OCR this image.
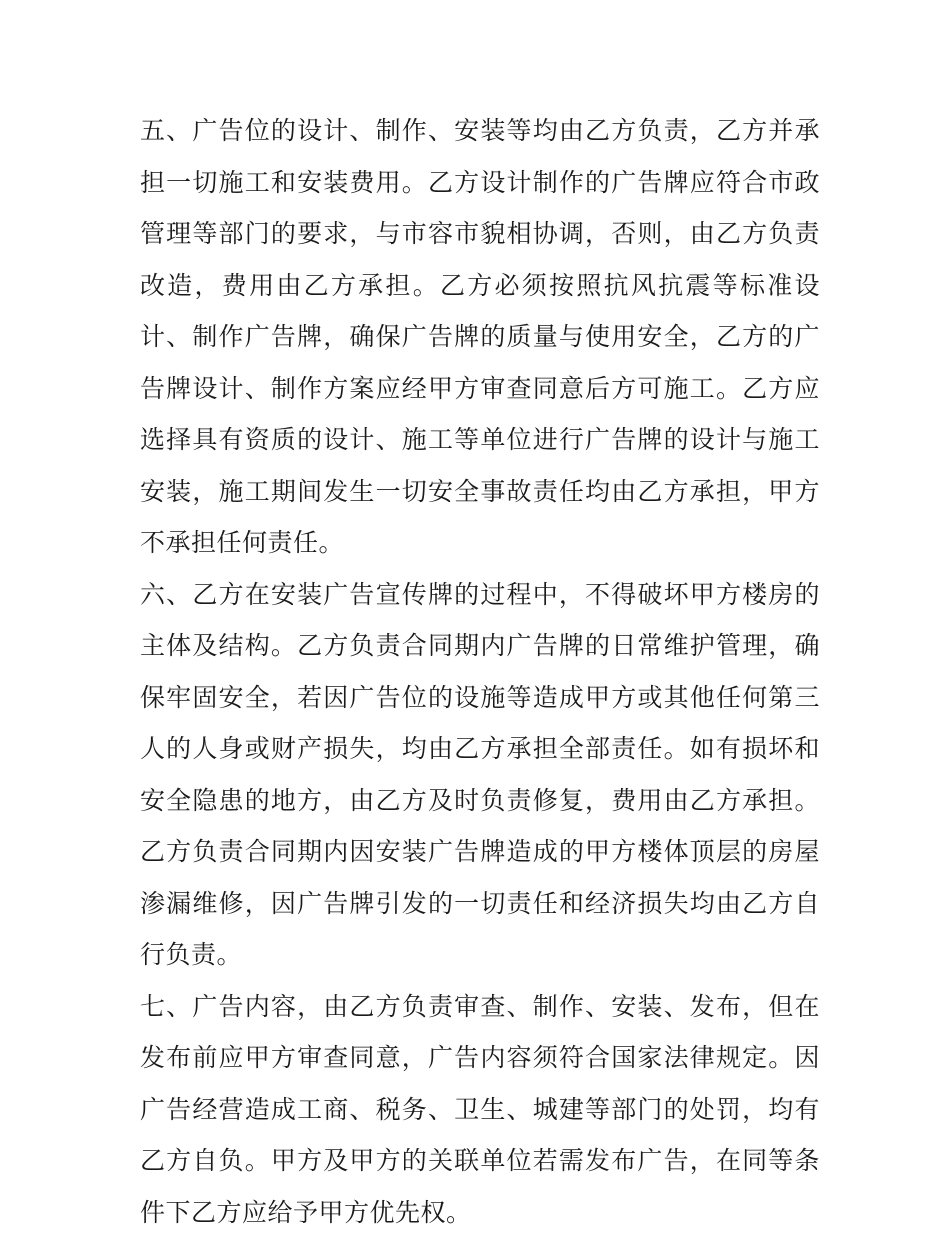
五、广告位的设计、制作、安装等均由乙方负责，乙方并承担一切施工和安装费用。乙方设计制作的广告牌应符合市政管理等部门的要求，与市容市貌相协调，否则，由乙方负责改造，费用由乙方承担。乙方必须按照抗风抗震等标准设计、制作广告牌，确保广告牌的质量与使用安全，乙方的广告牌设计、制作方案应经甲方审查同意后方可施工。乙方应选择具有资质的设计、施工等单位进行广告牌的设计与施工安装，施工期间发生一切安全事故责任均由乙方承担，甲方不承担任何责任。

六、乙方在安装广告宣传牌的过程中，不得破坏甲方楼房的主体及结构。乙方负责合同期内广告牌的日常维护管理，确保牢固安全，若因广告位的设施等造成甲方或其他任何第三人的人身或财产损失，均由乙方承担全部责任。如有损坏和安全隐患的地方，由乙方及时负责修复，费用由乙方承担。乙方负责合同期内因安装广告牌造成的甲方楼体顶层的房屋渗漏维修，因广告牌引发的一切责任和经济损失均由乙方自行负责。

七、广告内容，由乙方负责审查、制作、安装、发布，但在发布前应甲方审查同意，广告内容须符合国家法律规定。因广告经营造成工商、税务、卫生、城建等部门的处罚，均有乙方自负。甲方及甲方的关联单位若需发布广告，在同等条件下乙方应给予甲方优先权。
